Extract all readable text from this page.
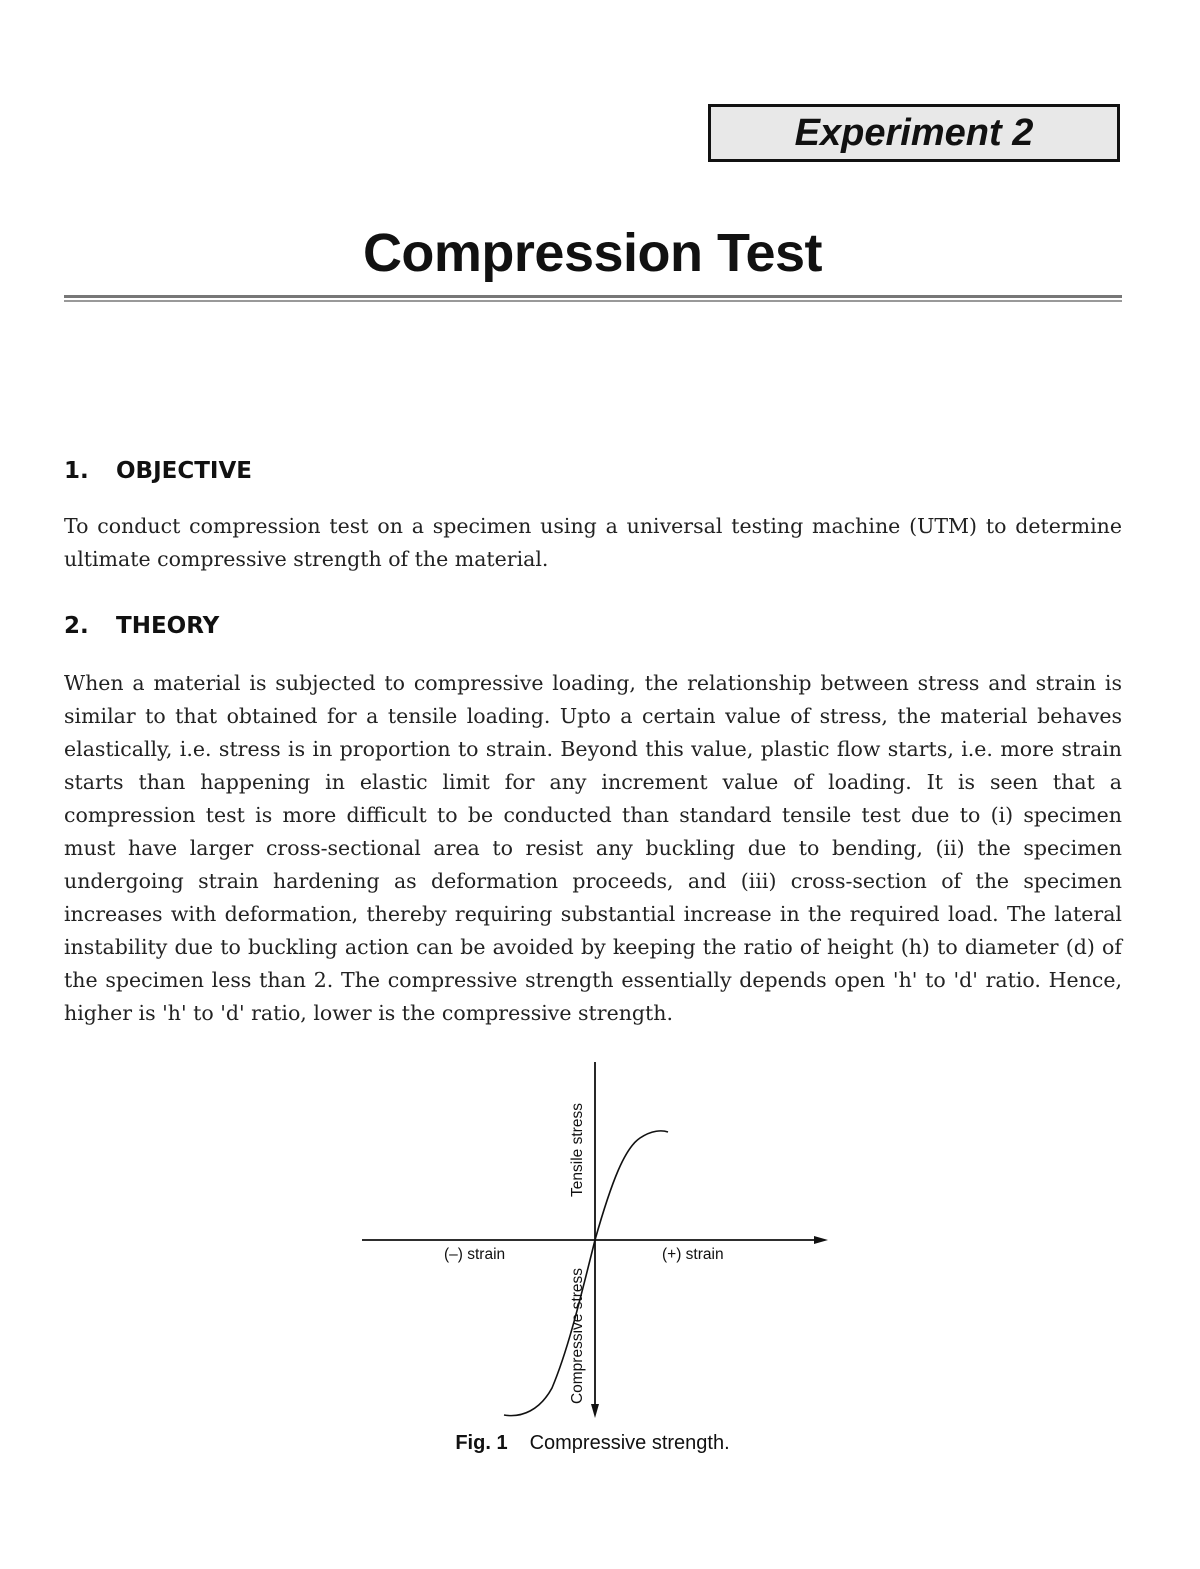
Experiment 2
Compression Test
1. OBJECTIVE
To conduct compression test on a specimen using a universal testing machine (UTM) to determine ultimate compressive strength of the material.
2. THEORY
When a material is subjected to compressive loading, the relationship between stress and strain is similar to that obtained for a tensile loading. Upto a certain value of stress, the material behaves elastically, i.e. stress is in proportion to strain. Beyond this value, plastic flow starts, i.e. more strain starts than happening in elastic limit for any increment value of loading. It is seen that a compression test is more difficult to be conducted than standard tensile test due to (i) specimen must have larger cross-sectional area to resist any buckling due to bending, (ii) the specimen undergoing strain hardening as deformation proceeds, and (iii) cross-section of the specimen increases with deformation, thereby requiring substantial increase in the required load. The lateral instability due to buckling action can be avoided by keeping the ratio of height (h) to diameter (d) of the specimen less than 2. The compressive strength essentially depends open 'h' to 'd' ratio. Hence, higher is 'h' to 'd' ratio, lower is the compressive strength.
Tensile stress
Compressive stress
(–) strain	(+) strain
Fig. 1 Compressive strength.
